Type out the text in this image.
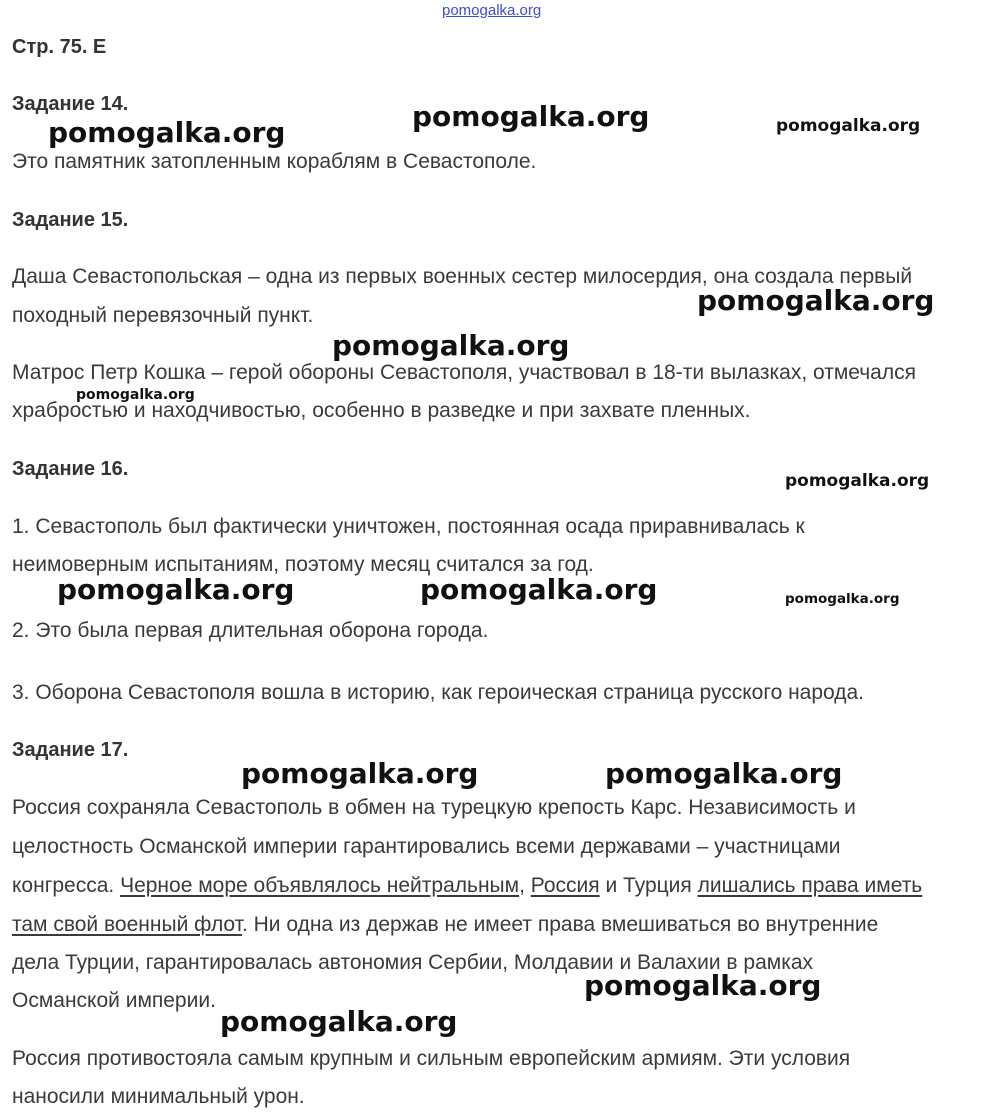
pomogalka.org
Стр. 75. Е
Задание 14.
Это памятник затопленным кораблям в Севастополе.
Задание 15.
Даша Севастопольская – одна из первых военных сестер милосердия, она создала первый
походный перевязочный пункт.
Матрос Петр Кошка – герой обороны Севастополя, участвовал в 18-ти вылазках, отмечался
храбростью и находчивостью, особенно в разведке и при захвате пленных.
Задание 16.
1. Севастополь был фактически уничтожен, постоянная осада приравнивалась к
неимоверным испытаниям, поэтому месяц считался за год.
2. Это была первая длительная оборона города.
3. Оборона Севастополя вошла в историю, как героическая страница русского народа.
Задание 17.
Россия сохраняла Севастополь в обмен на турецкую крепость Карс. Независимость и
целостность Османской империи гарантировались всеми державами – участницами
конгресса. Черное море объявлялось нейтральным, Россия и Турция лишались права иметь
там свой военный флот. Ни одна из держав не имеет права вмешиваться во внутренние
дела Турции, гарантировалась автономия Сербии, Молдавии и Валахии в рамках
Османской империи.
Россия противостояла самым крупным и сильным европейским армиям. Эти условия
наносили минимальный урон.
pomogalka.org	pomogalka.org	pomogalka.org
pomogalka.org
pomogalka.org
pomogalka.org
pomogalka.org
pomogalka.org	pomogalka.org	pomogalka.org
pomogalka.org	pomogalka.org
pomogalka.org
pomogalka.org
